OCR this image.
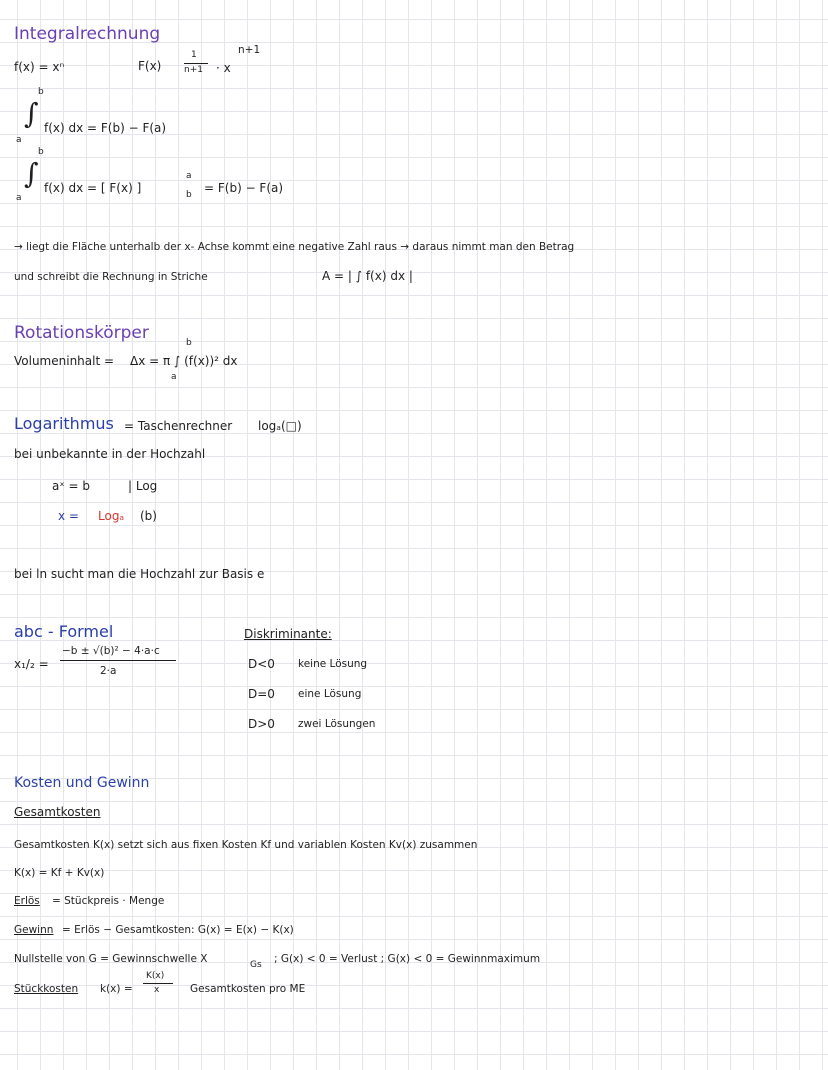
Integralrechnung
f(x) = xⁿ	F(x)
1
n+1 · x
n+1
b
∫
a
f(x) dx = F(b) − F(a)
b
∫
a
f(x) dx = [ F(x) ]
a
b = F(b) − F(a)
→ liegt die Fläche unterhalb der x- Achse kommt eine negative Zahl raus → daraus nimmt man den Betrag
und schreibt die Rechnung in Striche	A = | ∫ f(x) dx |
Rotationskörper
Volumeninhalt = Δx = π ∫ (f(x))² dx
b
a
Logarithmus = Taschenrechner logₐ(□)
bei unbekannte in der Hochzahl
aˣ = b	| Log
x = Logₐ (b)
bei ln sucht man die Hochzahl zur Basis e
abc - Formel
x₁/₂ =
−b ± √(b)² − 4·a·c
2·a
Diskriminante:
D<0 keine Lösung
D=0 eine Lösung
D>0 zwei Lösungen
Kosten und Gewinn
Gesamtkosten
Gesamtkosten K(x) setzt sich aus fixen Kosten Kf und variablen Kosten Kv(x) zusammen
K(x) = Kf + Kv(x)
Erlös = Stückpreis · Menge
Gewinn = Erlös − Gesamtkosten: G(x) = E(x) − K(x)
Nullstelle von G = Gewinnschwelle X	Gs ; G(x) < 0 = Verlust ; G(x) < 0 = Gewinnmaximum
Stückkosten k(x) =
K(x)
x	Gesamtkosten pro ME
